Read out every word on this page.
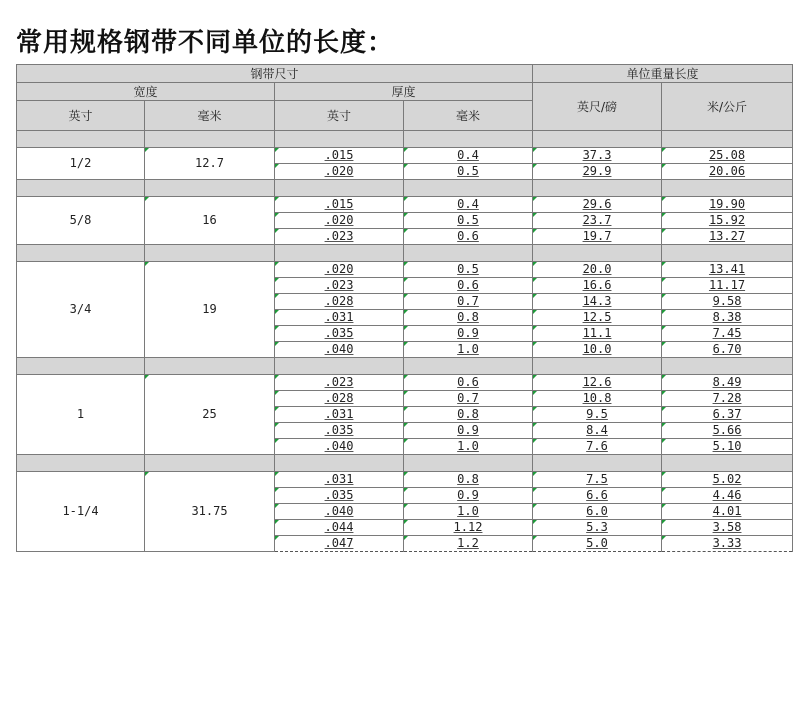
常用规格钢带不同单位的长度：
钢带尺寸				单位重量长度	
宽度		厚度		英尺/磅	米/公斤
英寸	毫米	英寸	毫米		

1/2	12.7	.015	0.4	37.3	25.08
		.020	0.5	29.9	20.06

5/8	16	.015	0.4	29.6	19.90
		.020	0.5	23.7	15.92
		.023	0.6	19.7	13.27

3/4	19	.020	0.5	20.0	13.41
		.023	0.6	16.6	11.17
		.028	0.7	14.3	9.58
		.031	0.8	12.5	8.38
		.035	0.9	11.1	7.45
		.040	1.0	10.0	6.70

1	25	.023	0.6	12.6	8.49
		.028	0.7	10.8	7.28
		.031	0.8	9.5	6.37
		.035	0.9	8.4	5.66
		.040	1.0	7.6	5.10

1-1/4	31.75	.031	0.8	7.5	5.02
		.035	0.9	6.6	4.46
		.040	1.0	6.0	4.01
		.044	1.12	5.3	3.58
		.047	1.2	5.0	3.33
